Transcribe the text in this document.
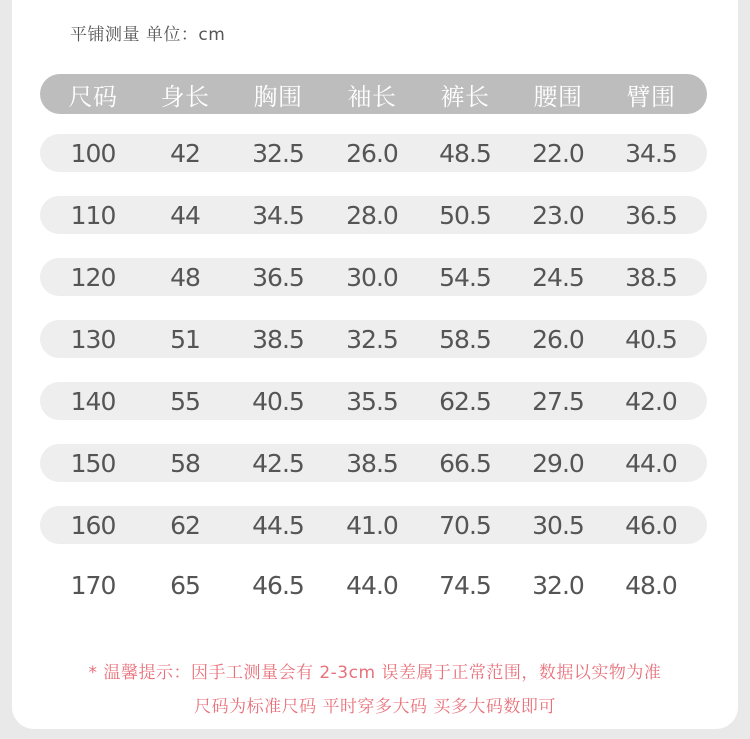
平铺测量 单位：cm
尺码	身长	胸围	袖长	裤长	腰围	臂围
100	42	32.5	26.0	48.5	22.0	34.5
110	44	34.5	28.0	50.5	23.0	36.5
120	48	36.5	30.0	54.5	24.5	38.5
130	51	38.5	32.5	58.5	26.0	40.5
140	55	40.5	35.5	62.5	27.5	42.0
150	58	42.5	38.5	66.5	29.0	44.0
160	62	44.5	41.0	70.5	30.5	46.0
170	65	46.5	44.0	74.5	32.0	48.0
* 温馨提示：因手工测量会有 2-3cm 误差属于正常范围，数据以实物为准
尺码为标准尺码 平时穿多大码 买多大码数即可
